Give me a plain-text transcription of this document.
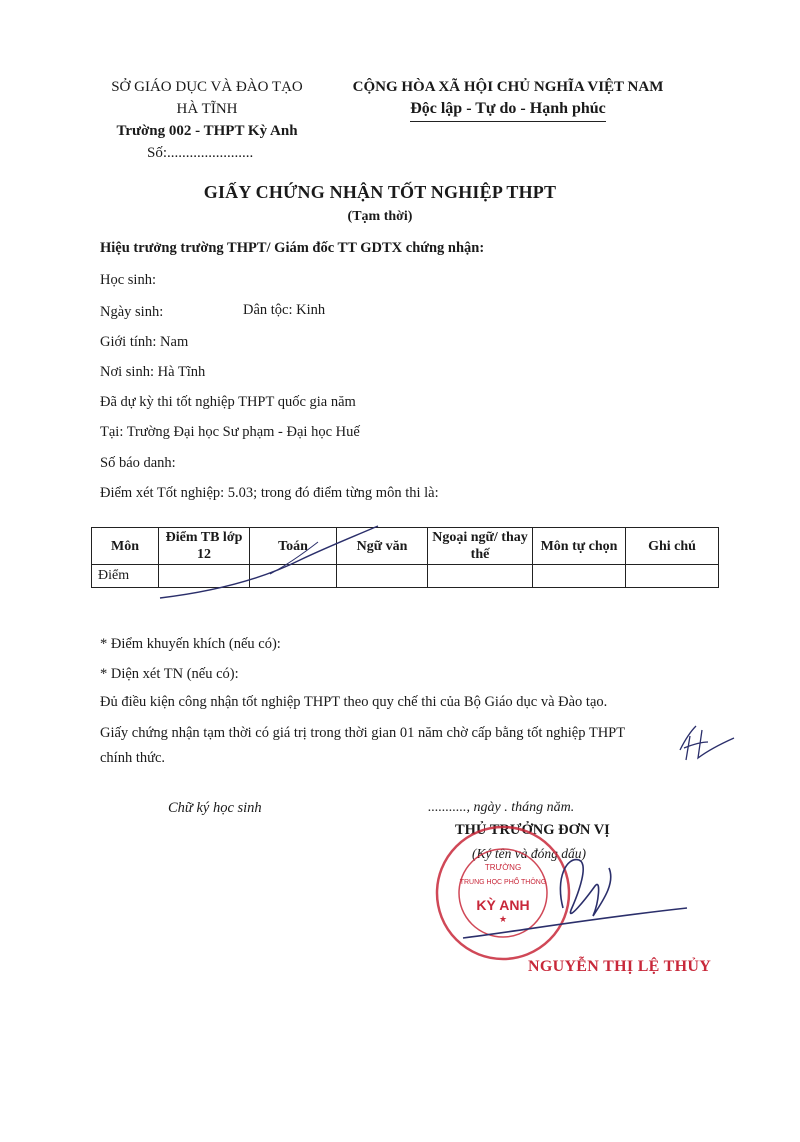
SỞ GIÁO DỤC VÀ ĐÀO TẠO
HÀ TĨNH
Trường 002 - THPT Kỳ Anh
Số:.......................
CỘNG HÒA XÃ HỘI CHỦ NGHĨA VIỆT NAM
Độc lập - Tự do - Hạnh phúc
GIẤY CHỨNG NHẬN TỐT NGHIỆP THPT
(Tạm thời)
Hiệu trưởng trường THPT/ Giám đốc TT GDTX chứng nhận:
Học sinh:
Ngày sinh:	Dân tộc: Kinh
Giới tính: Nam
Nơi sinh: Hà Tĩnh
Đã dự kỳ thi tốt nghiệp THPT quốc gia năm
Tại: Trường Đại học Sư phạm - Đại học Huế
Số báo danh:
Điểm xét Tốt nghiệp: 5.03; trong đó điểm từng môn thi là:
Môn	Điểm TB lớp 12	Toán	Ngữ văn	Ngoại ngữ/ thay thế	Môn tự chọn	Ghi chú
Điểm						
* Điểm khuyến khích (nếu có):
* Diện xét TN (nếu có):
Đủ điều kiện công nhận tốt nghiệp THPT theo quy chế thi của Bộ Giáo dục và Đào tạo.
Giấy chứng nhận tạm thời có giá trị trong thời gian 01 năm chờ cấp bằng tốt nghiệp THPT
chính thức.
Chữ ký học sinh	..........., ngày . tháng năm.
THỦ TRƯỞNG ĐƠN VỊ
(Ký tên và đóng dấu)
TRƯỜNG
TRUNG HỌC PHỔ THÔNG
KỲ ANH
★
NGUYỄN THỊ LỆ THỦY
